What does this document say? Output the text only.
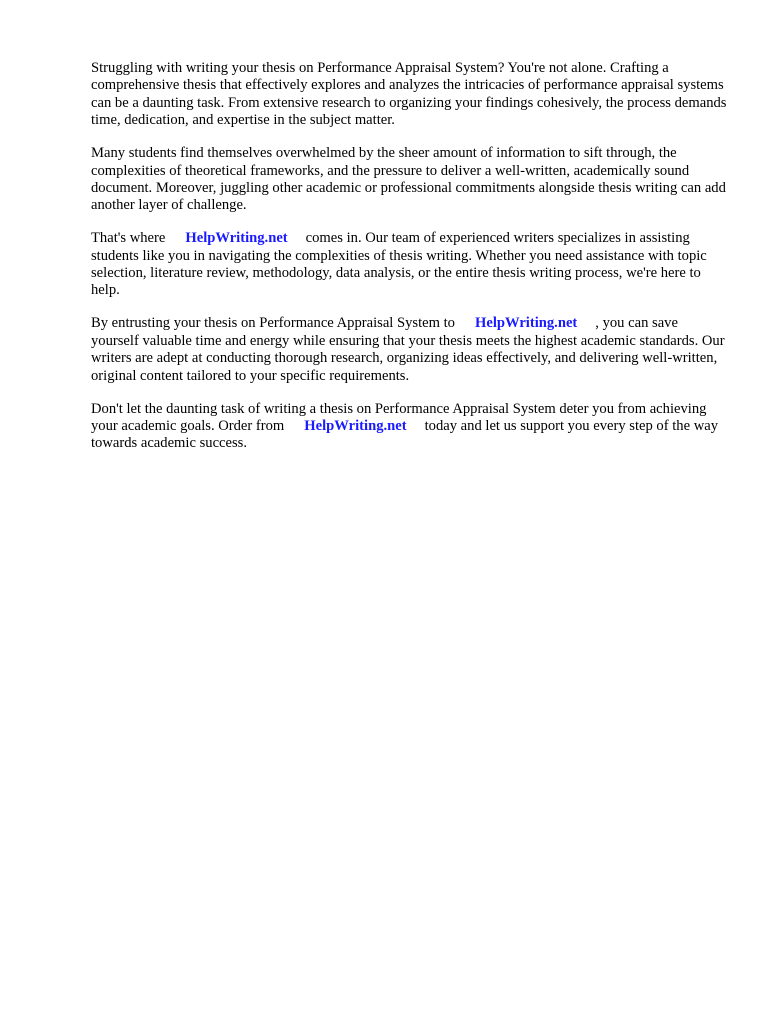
Struggling with writing your thesis on Performance Appraisal System? You're not alone. Crafting a comprehensive thesis that effectively explores and analyzes the intricacies of performance appraisal systems can be a daunting task. From extensive research to organizing your findings cohesively, the process demands time, dedication, and expertise in the subject matter.

Many students find themselves overwhelmed by the sheer amount of information to sift through, the complexities of theoretical frameworks, and the pressure to deliver a well-written, academically sound document. Moreover, juggling other academic or professional commitments alongside thesis writing can add another layer of challenge.

That's where HelpWriting.net comes in. Our team of experienced writers specializes in assisting students like you in navigating the complexities of thesis writing. Whether you need assistance with topic selection, literature review, methodology, data analysis, or the entire thesis writing process, we're here to help.

By entrusting your thesis on Performance Appraisal System to HelpWriting.net , you can save yourself valuable time and energy while ensuring that your thesis meets the highest academic standards. Our writers are adept at conducting thorough research, organizing ideas effectively, and delivering well-written, original content tailored to your specific requirements.

Don't let the daunting task of writing a thesis on Performance Appraisal System deter you from achieving your academic goals. Order from HelpWriting.net today and let us support you every step of the way towards academic success.
